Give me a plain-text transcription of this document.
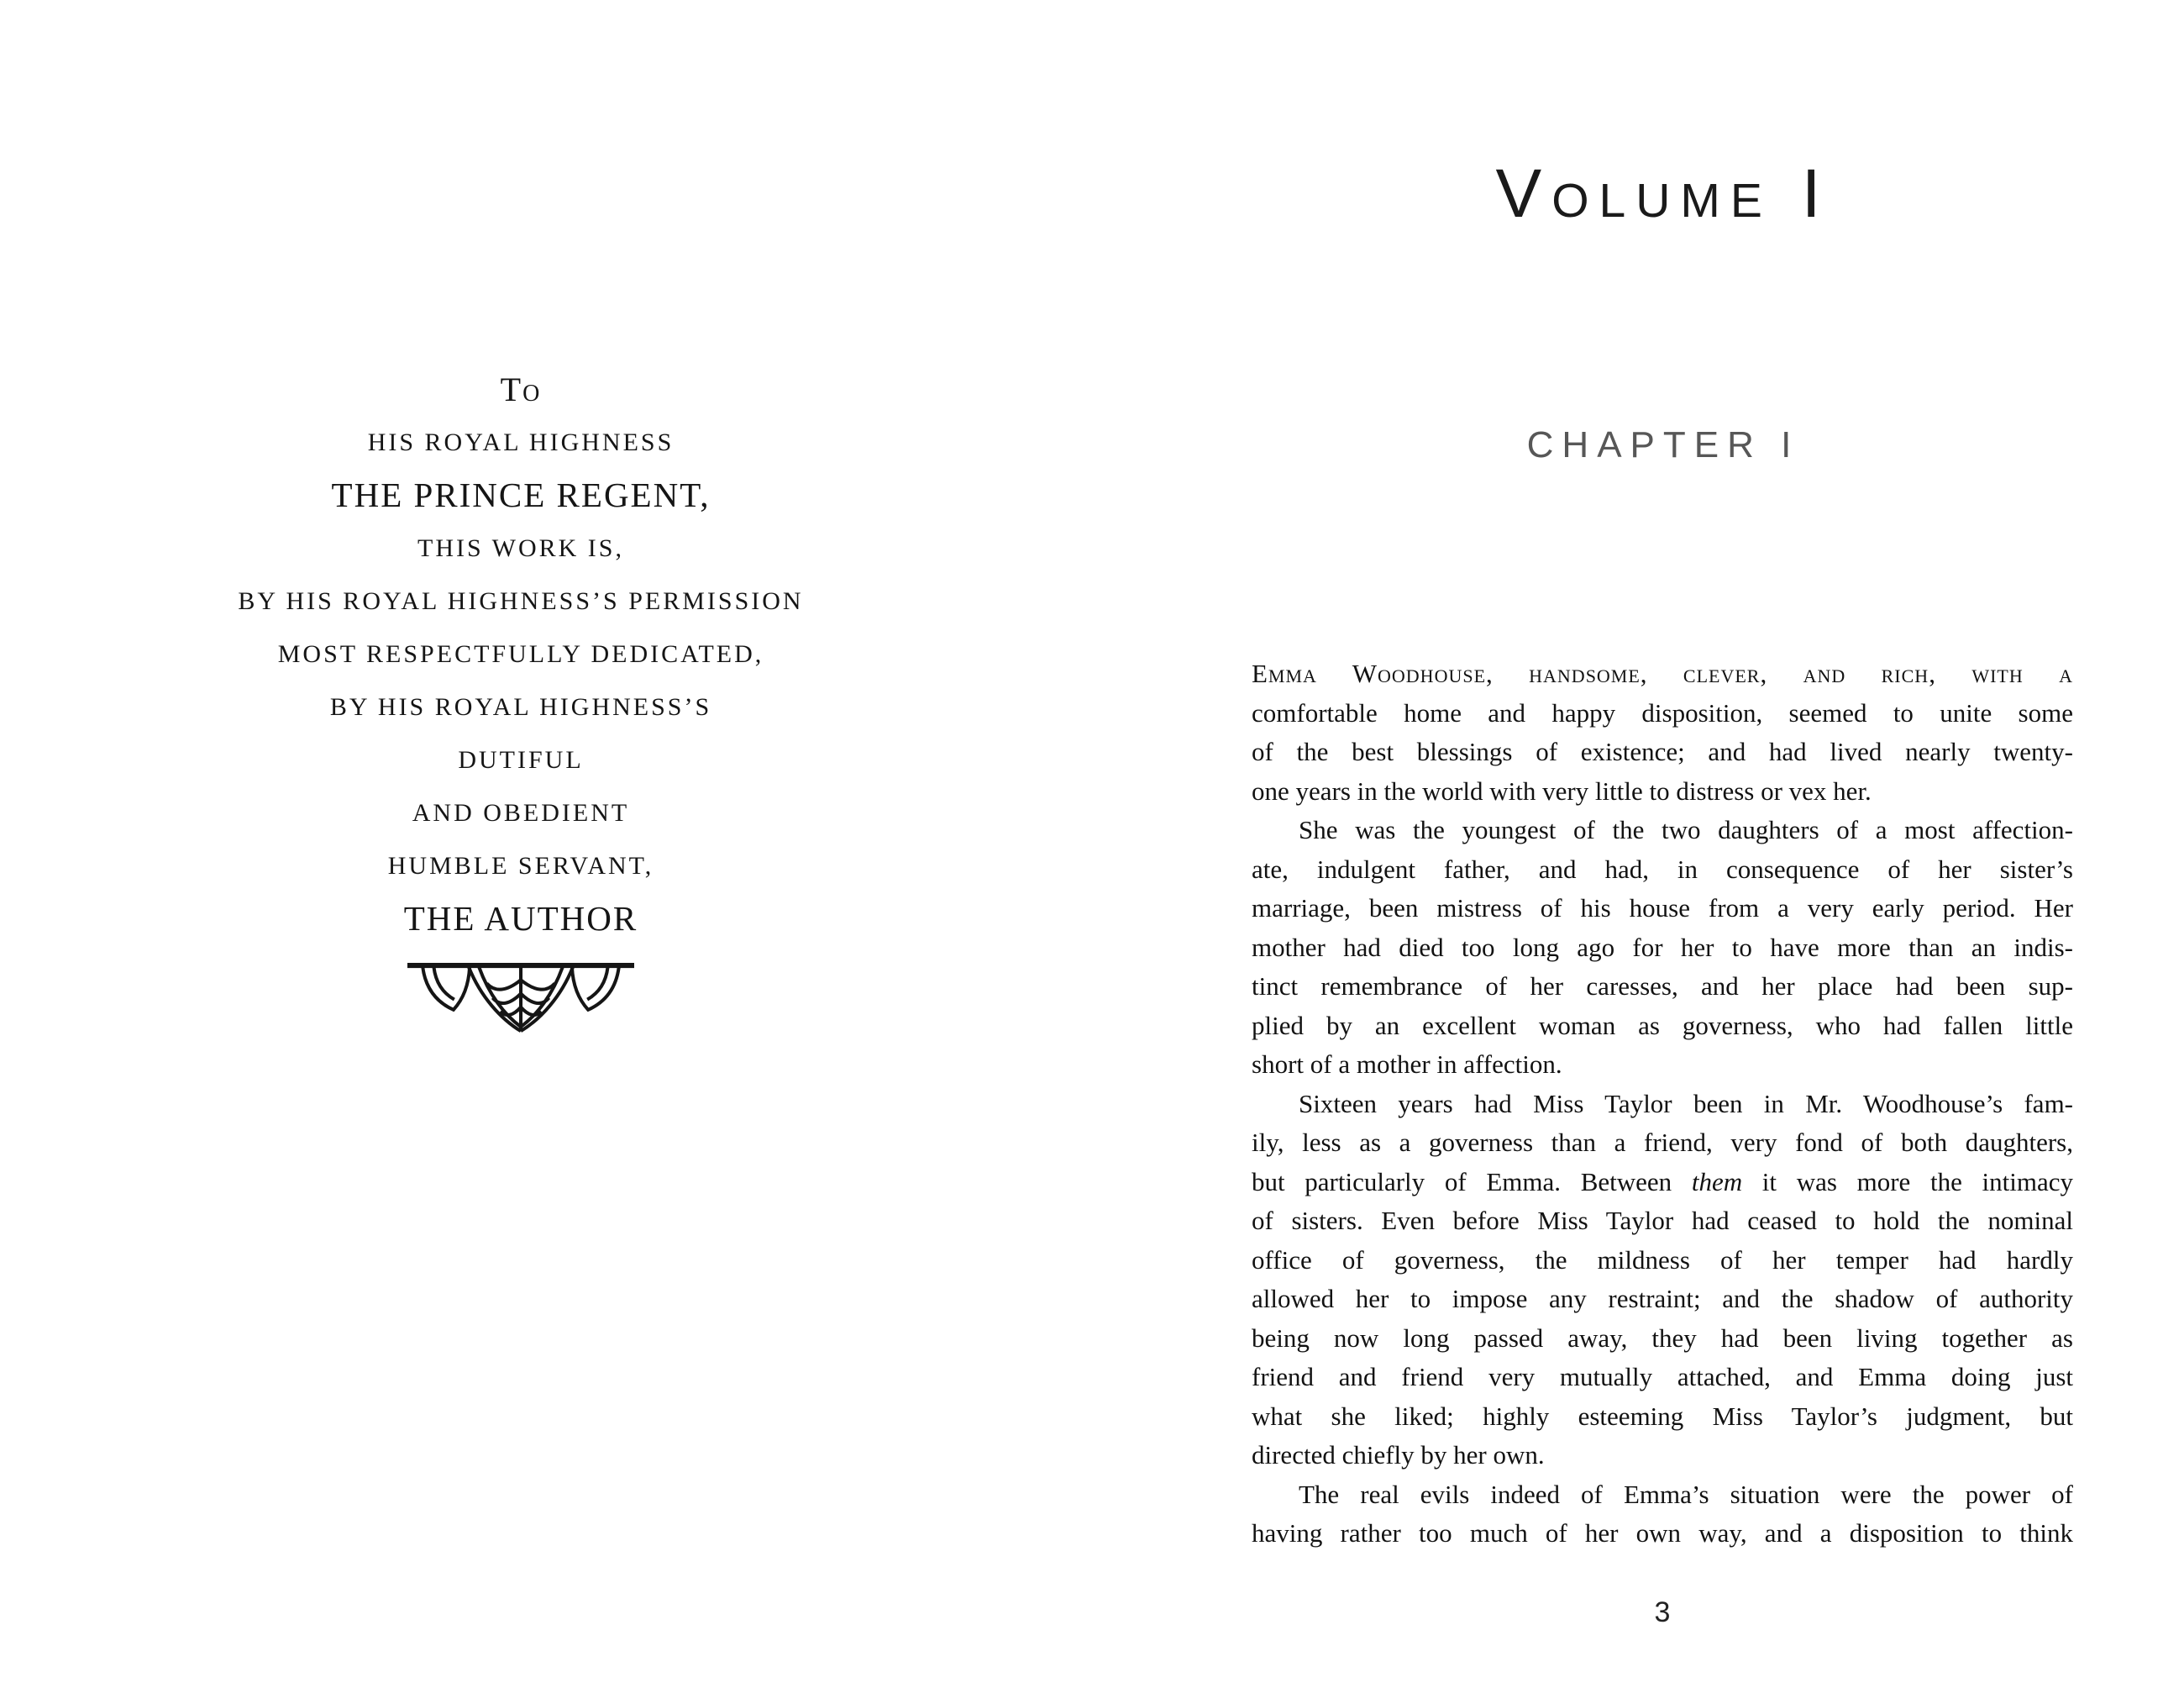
To
HIS ROYAL HIGHNESS
THE PRINCE REGENT,
THIS WORK IS,
BY HIS ROYAL HIGHNESS’S PERMISSION
MOST RESPECTFULLY DEDICATED,
BY HIS ROYAL HIGHNESS’S
DUTIFUL
AND OBEDIENT
HUMBLE SERVANT,
THE AUTHOR
Volume I
CHAPTER I
Emma Woodhouse, handsome, clever, and rich, with a
comfortable home and happy disposition, seemed to unite some
of the best blessings of existence; and had lived nearly twenty-
one years in the world with very little to distress or vex her.
She was the youngest of the two daughters of a most affection-
ate, indulgent father, and had, in consequence of her sister’s
marriage, been mistress of his house from a very early period. Her
mother had died too long ago for her to have more than an indis-
tinct remembrance of her caresses, and her place had been sup-
plied by an excellent woman as governess, who had fallen little
short of a mother in affection.
Sixteen years had Miss Taylor been in Mr. Woodhouse’s fam-
ily, less as a governess than a friend, very fond of both daughters,
but particularly of Emma. Between them it was more the intimacy
of sisters. Even before Miss Taylor had ceased to hold the nominal
office of governess, the mildness of her temper had hardly
allowed her to impose any restraint; and the shadow of authority
being now long passed away, they had been living together as
friend and friend very mutually attached, and Emma doing just
what she liked; highly esteeming Miss Taylor’s judgment, but
directed chiefly by her own.
The real evils indeed of Emma’s situation were the power of
having rather too much of her own way, and a disposition to think
3
